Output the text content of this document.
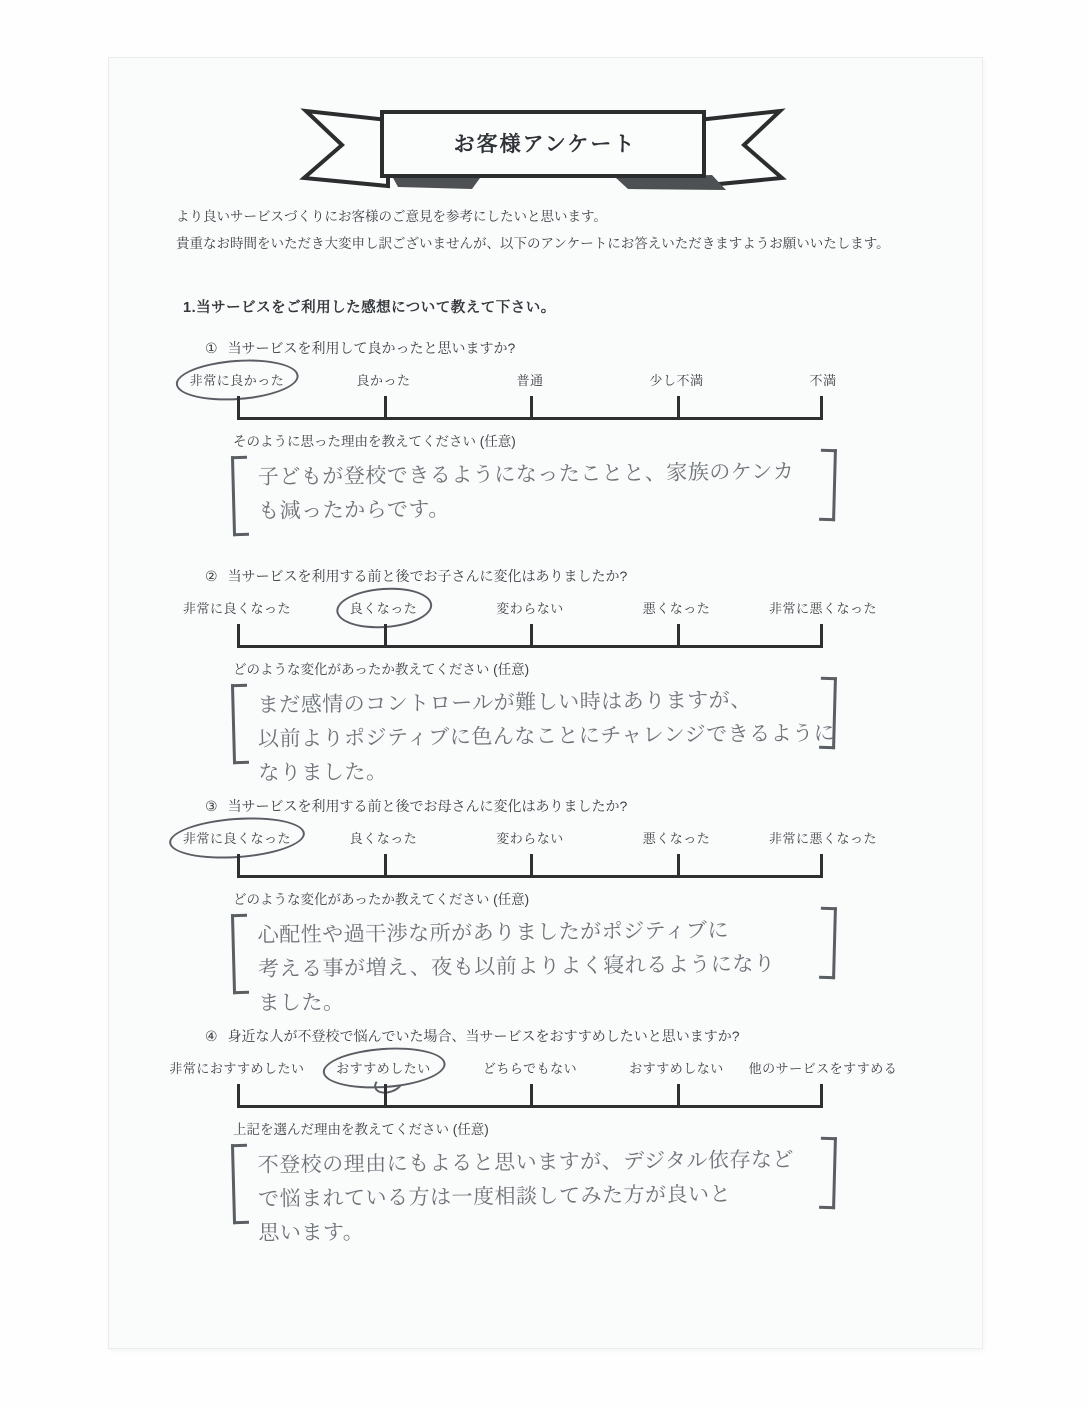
お客様アンケート
より良いサービスづくりにお客様のご意見を参考にしたいと思います。
貴重なお時間をいただき大変申し訳ございませんが、以下のアンケートにお答えいただきますようお願いいたします。
1.当サービスをご利用した感想について教えて下さい。
① 当サービスを利用して良かったと思いますか?
非常に良かった	良かった	普通	少し不満	不満
そのように思った理由を教えてください (任意)
子どもが登校できるようになったことと、家族のケンカ
も減ったからです。
② 当サービスを利用する前と後でお子さんに変化はありましたか?
非常に良くなった	良くなった	変わらない	悪くなった	非常に悪くなった
どのような変化があったか教えてください (任意)
まだ感情のコントロールが難しい時はありますが、
以前よりポジティブに色んなことにチャレンジできるように
なりました。
③ 当サービスを利用する前と後でお母さんに変化はありましたか?
非常に良くなった	良くなった	変わらない	悪くなった	非常に悪くなった
どのような変化があったか教えてください (任意)
心配性や過干渉な所がありましたがポジティブに
考える事が増え、夜も以前よりよく寝れるようになり
ました。
④ 身近な人が不登校で悩んでいた場合、当サービスをおすすめしたいと思いますか?
非常におすすめしたい おすすめしたい	どちらでもない	おすすめしない 他のサービスをすすめる
上記を選んだ理由を教えてください (任意)
不登校の理由にもよると思いますが、デジタル依存など
で悩まれている方は一度相談してみた方が良いと
思います。
